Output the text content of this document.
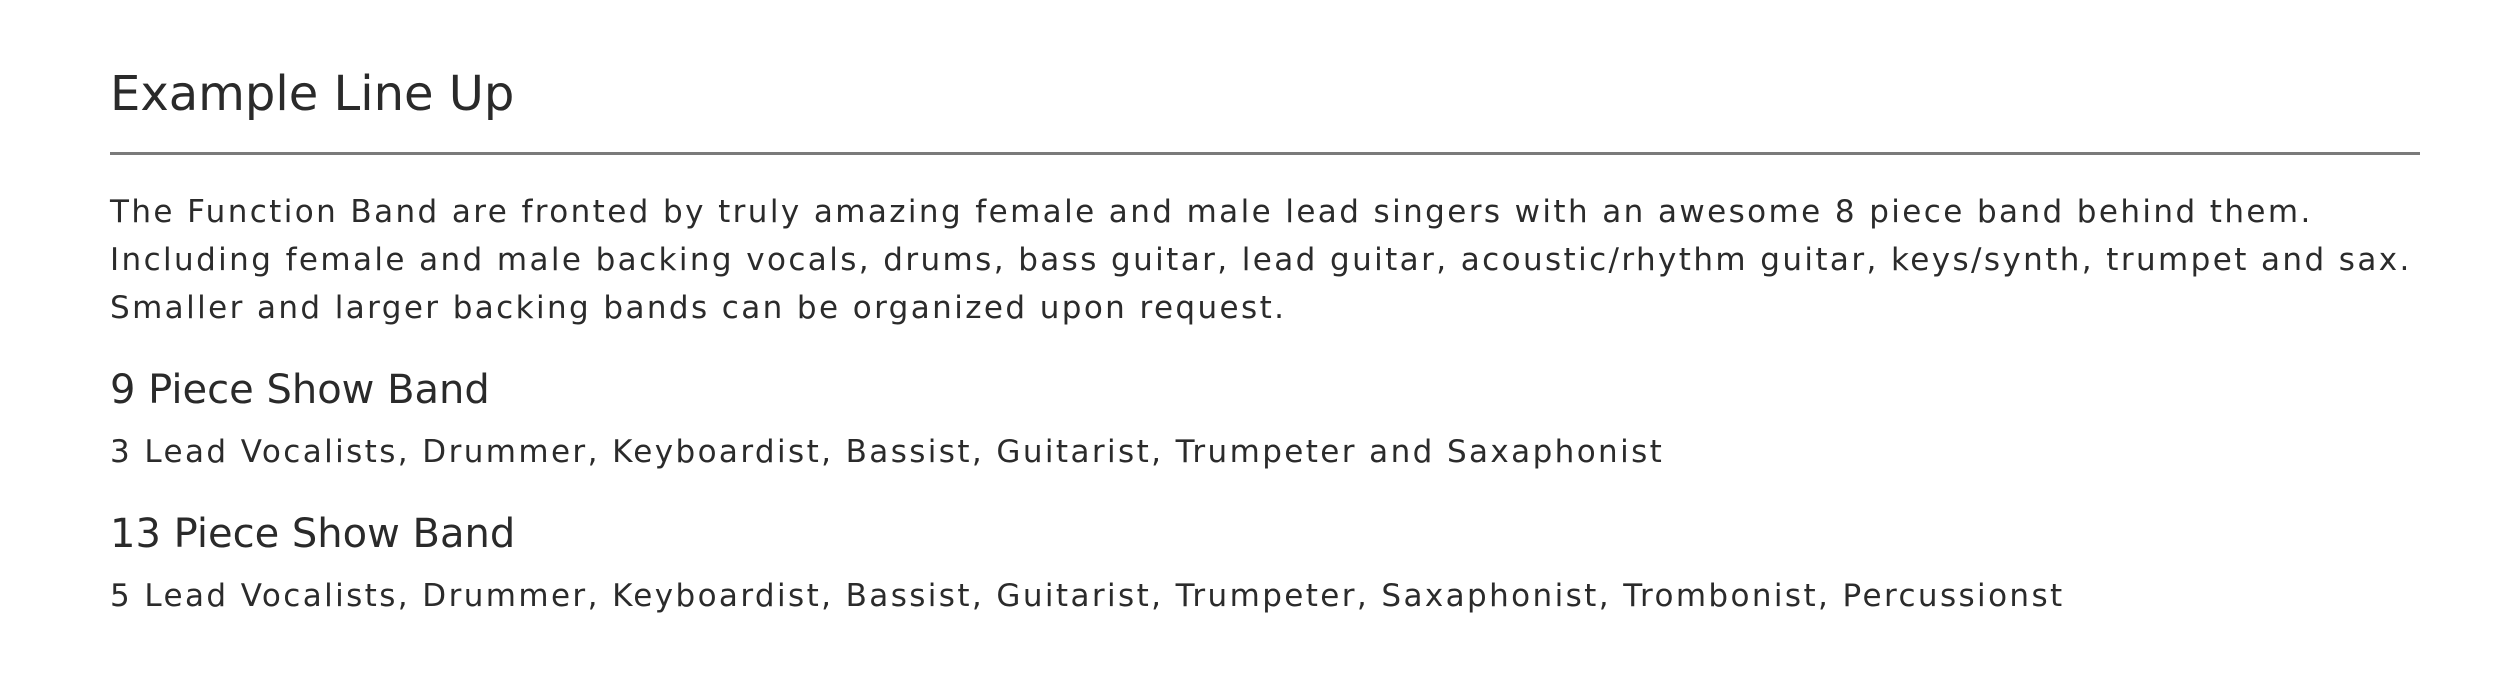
Example Line Up

The Function Band are fronted by truly amazing female and male lead singers with an awesome 8 piece band behind them.
Including female and male backing vocals, drums, bass guitar, lead guitar, acoustic/rhythm guitar, keys/synth, trumpet and sax.
Smaller and larger backing bands can be organized upon request.

9 Piece Show Band

3 Lead Vocalists, Drummer, Keyboardist, Bassist, Guitarist, Trumpeter and Saxaphonist

13 Piece Show Band

5 Lead Vocalists, Drummer, Keyboardist, Bassist, Guitarist, Trumpeter, Saxaphonist, Trombonist, Percussionst
